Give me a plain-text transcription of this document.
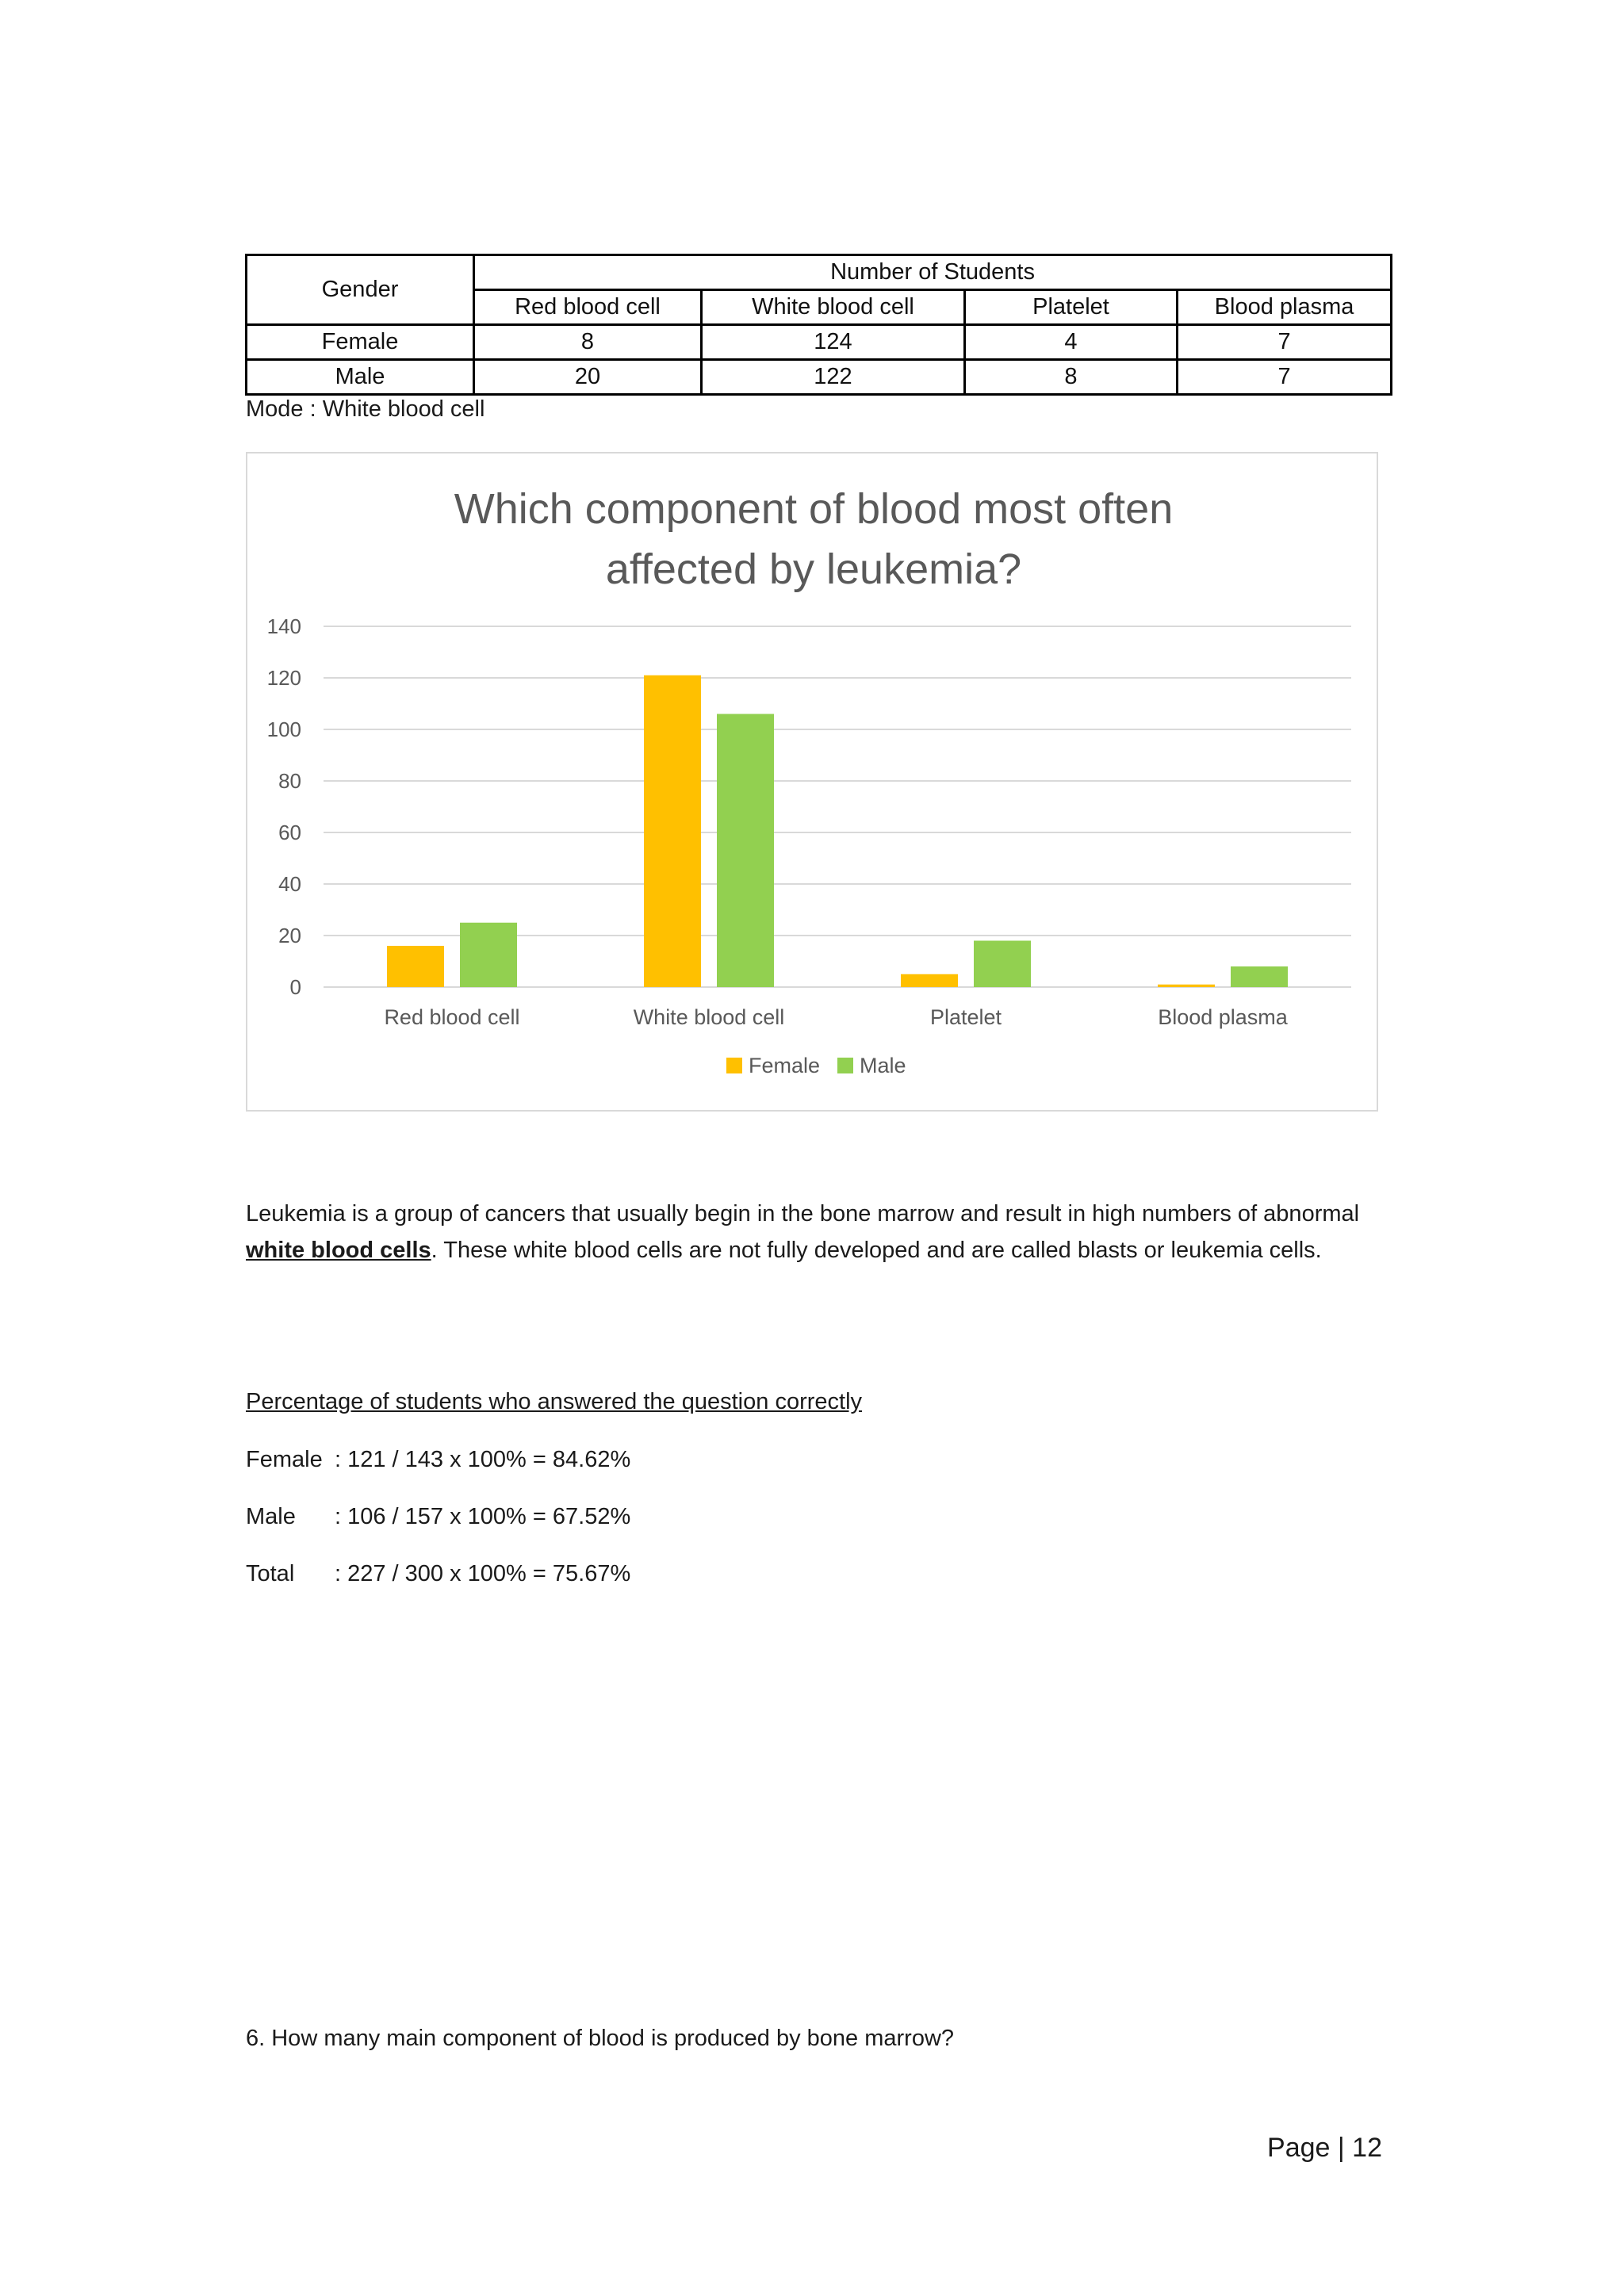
Gender	Number of Students			
	Red blood cell	White blood cell	Platelet	Blood plasma
Female	8	124	4	7
Male	20	122	8	7
Mode : White blood cell
Which component of blood most often
affected by leukemia?
0
20
40
60
80
100
120
140
Red blood cell	White blood cell	Platelet	Blood plasma
Female Male
Leukemia is a group of cancers that usually begin in the bone marrow and result in high numbers of abnormal white blood cells. These white blood cells are not fully developed and are called blasts or leukemia cells.
Percentage of students who answered the question correctly
Female : 121 / 143 x 100% = 84.62%
Male : 106 / 157 x 100% = 67.52%
Total : 227 / 300 x 100% = 75.67%
6. How many main component of blood is produced by bone marrow?
Page | 12
